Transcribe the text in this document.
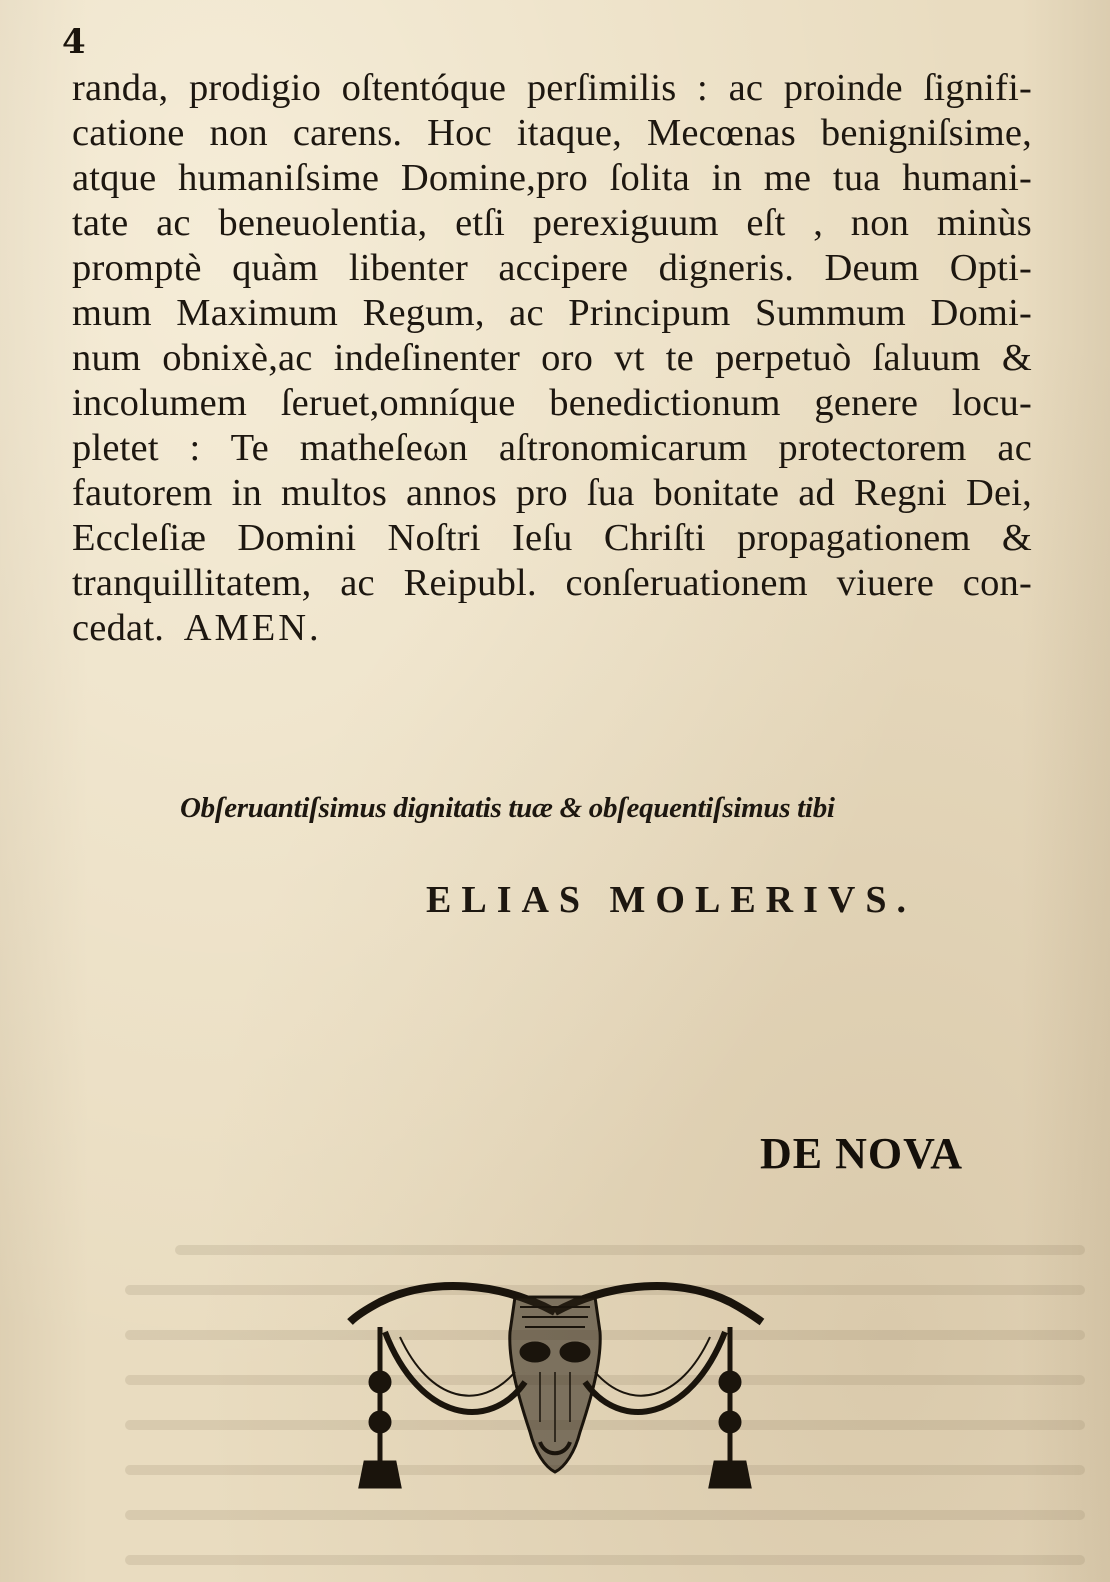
4
randa, prodigio oſtentóque perſimilis : ac proinde ſignifi-
catione non carens. Hoc itaque, Mecœnas benigniſsime,
atque humaniſsime Domine,pro ſolita in me tua humani-
tate ac beneuolentia, etſi perexiguum eſt , non minùs
promptè quàm libenter accipere digneris. Deum Opti-
mum Maximum Regum, ac Principum Summum Domi-
num obnixè,ac indeſinenter oro vt te perpetuò ſaluum &
incolumem ſeruet,omníque benedictionum genere locu-
pletet : Te matheſeωn aſtronomicarum protectorem ac
fautorem in multos annos pro ſua bonitate ad Regni Dei,
Eccleſiæ Domini Noſtri Ieſu Chriſti propagationem &
tranquillitatem, ac Reipubl. conſeruationem viuere con-
cedat. AMEN.
Obſeruantiſsimus dignitatis tuæ & obſequentiſsimus tibi
ELIAS MOLERIVS.
DE NOVA
